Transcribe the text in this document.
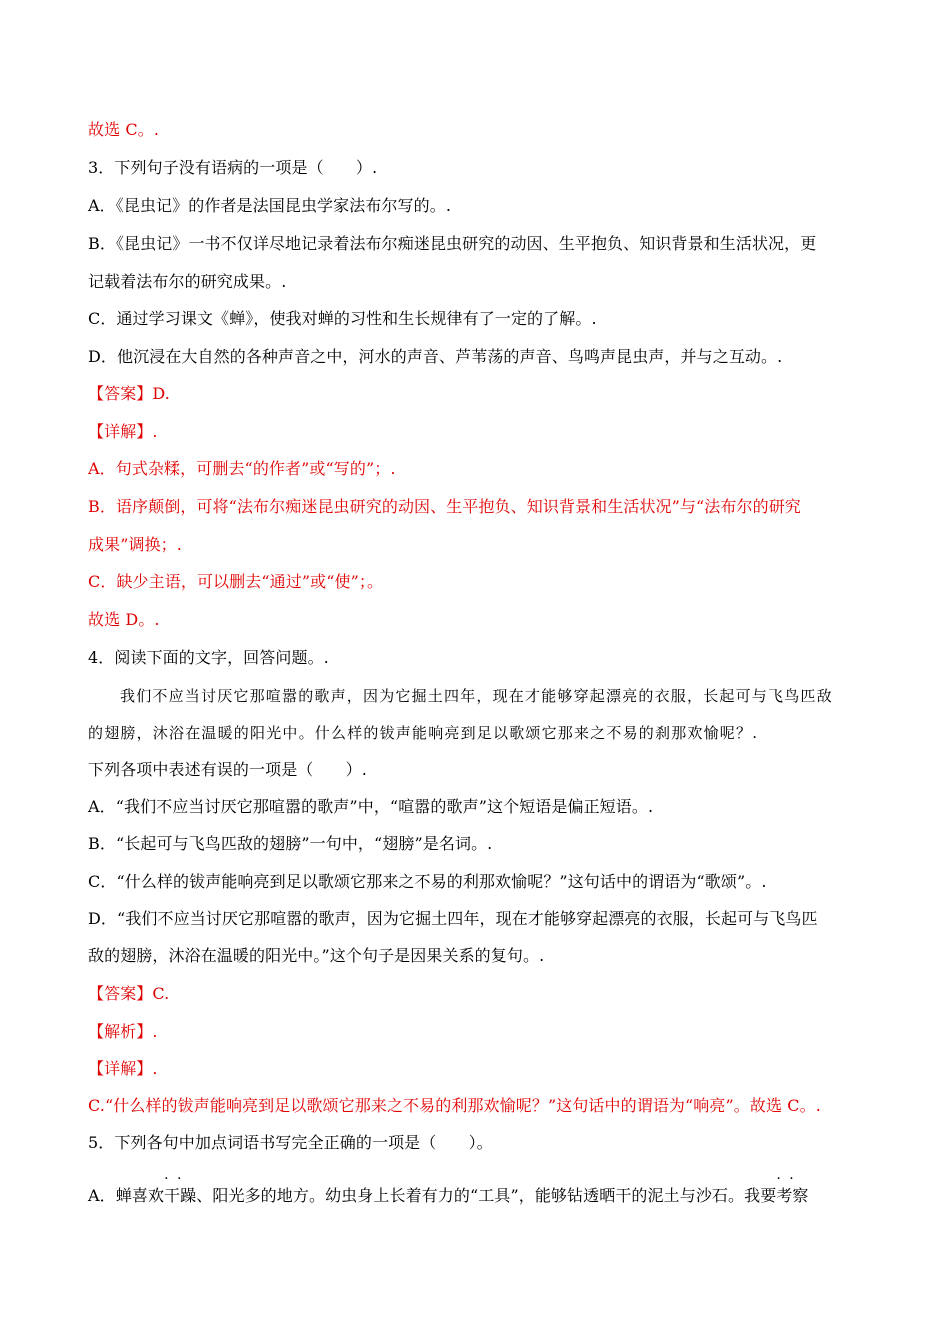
故选 C。.
3．下列句子没有语病的一项是（　　）.
A．《昆虫记》的作者是法国昆虫学家法布尔写的。.
B．《昆虫记》一书不仅详尽地记录着法布尔痴迷昆虫研究的动因、生平抱负、知识背景和生活状况，更
记载着法布尔的研究成果。.
C．通过学习课文《蝉》，使我对蝉的习性和生长规律有了一定的了解。.
D．他沉浸在大自然的各种声音之中，河水的声音、芦苇荡的声音、鸟鸣声昆虫声，并与之互动。.
【答案】D.
【详解】.
A．句式杂糅，可删去“的作者”或“写的”；.
B．语序颠倒，可将“法布尔痴迷昆虫研究的动因、生平抱负、知识背景和生活状况”与“法布尔的研究
成果”调换；.
C．缺少主语，可以删去“通过”或“使”；。
故选 D。.
4．阅读下面的文字，回答问题。.
我们不应当讨厌它那喧嚣的歌声，因为它掘土四年，现在才能够穿起漂亮的衣服，长起可与飞鸟匹敌
的翅膀，沐浴在温暖的阳光中。什么样的钹声能响亮到足以歌颂它那来之不易的刹那欢愉呢？.
下列各项中表述有误的一项是（　　）.
A．“我们不应当讨厌它那喧嚣的歌声”中，“喧嚣的歌声”这个短语是偏正短语。.
B．“长起可与飞鸟匹敌的翅膀”一句中，“翅膀”是名词。.
C．“什么样的钹声能响亮到足以歌颂它那来之不易的利那欢愉呢？”这句话中的谓语为“歌颂”。.
D．“我们不应当讨厌它那喧嚣的歌声，因为它掘土四年，现在才能够穿起漂亮的衣服，长起可与飞鸟匹
敌的翅膀，沐浴在温暖的阳光中。”这个句子是因果关系的复句。.
【答案】C.
【解析】.
【详解】.
C.“什么样的钹声能响亮到足以歌颂它那来之不易的利那欢愉呢？”这句话中的谓语为“响亮”。故选 C。.
5．下列各句中加点词语书写完全正确的一项是（　　）。
A．蝉喜欢· · 干躁、阳光多的地方。幼虫身上长着有力的“工具”，能够钻透晒干的泥土与沙石。我要· · 考察
